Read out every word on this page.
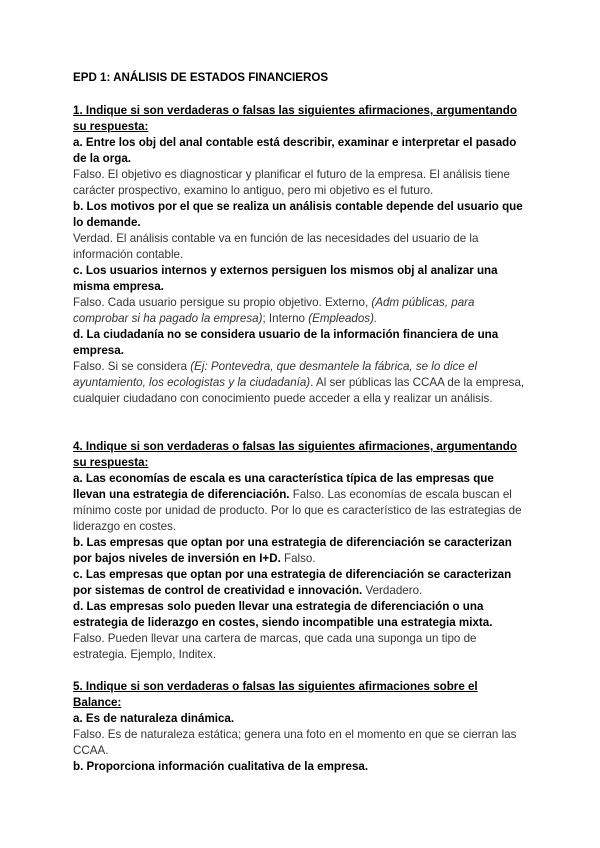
EPD 1: ANÁLISIS DE ESTADOS FINANCIEROS

1. Indique si son verdaderas o falsas las siguientes afirmaciones, argumentando su respuesta:

a. Entre los obj del anal contable está describir, examinar e interpretar el pasado de la orga.

Falso. El objetivo es diagnosticar y planificar el futuro de la empresa. El análisis tiene carácter prospectivo, examino lo antiguo, pero mi objetivo es el futuro.

b. Los motivos por el que se realiza un análisis contable depende del usuario que lo demande.

Verdad. El análisis contable va en función de las necesidades del usuario de la información contable.

c. Los usuarios internos y externos persiguen los mismos obj al analizar una misma empresa.

Falso. Cada usuario persigue su propio objetivo. Externo, (Adm públicas, para comprobar si ha pagado la empresa); Interno (Empleados).

d. La ciudadanía no se considera usuario de la información financiera de una empresa.

Falso. Si se considera (Ej: Pontevedra, que desmantele la fábrica, se lo dice el ayuntamiento, los ecologistas y la ciudadanía). Al ser públicas las CCAA de la empresa, cualquier ciudadano con conocimiento puede acceder a ella y realizar un análisis.

4. Indique si son verdaderas o falsas las siguientes afirmaciones, argumentando su respuesta:

a. Las economías de escala es una característica típica de las empresas que llevan una estrategia de diferenciación. Falso. Las economías de escala buscan el mínimo coste por unidad de producto. Por lo que es característico de las estrategias de liderazgo en costes.

b. Las empresas que optan por una estrategia de diferenciación se caracterizan por bajos niveles de inversión en I+D. Falso.

c. Las empresas que optan por una estrategia de diferenciación se caracterizan por sistemas de control de creatividad e innovación. Verdadero.

d. Las empresas solo pueden llevar una estrategia de diferenciación o una estrategia de liderazgo en costes, siendo incompatible una estrategia mixta.

Falso. Pueden llevar una cartera de marcas, que cada una suponga un tipo de estrategia. Ejemplo, Inditex.

5. Indique si son verdaderas o falsas las siguientes afirmaciones sobre el Balance:

a. Es de naturaleza dinámica.

Falso. Es de naturaleza estática; genera una foto en el momento en que se cierran las CCAA.

b. Proporciona información cualitativa de la empresa.
